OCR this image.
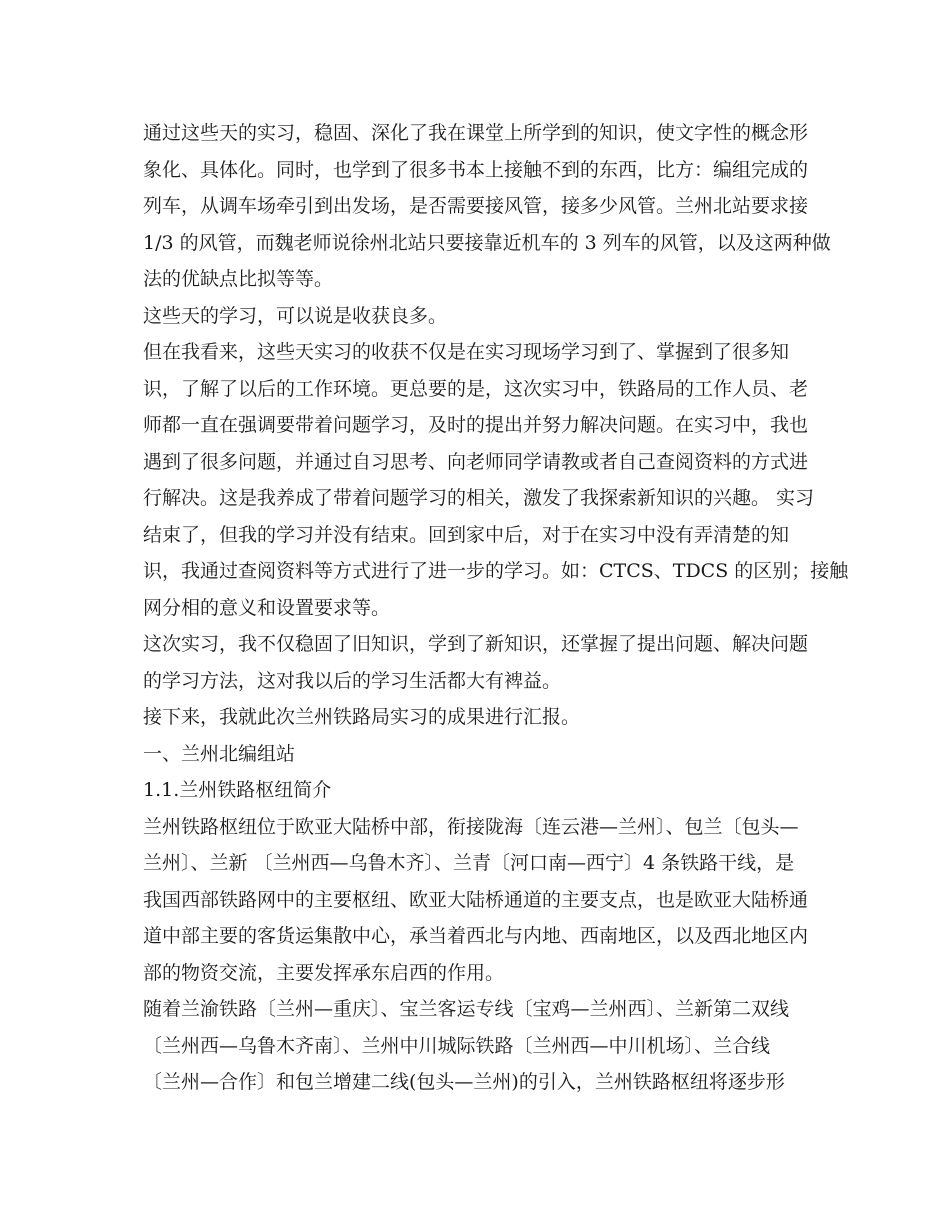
通过这些天的实习，稳固、深化了我在课堂上所学到的知识，使文字性的概念形
象化、具体化。同时，也学到了很多书本上接触不到的东西，比方：编组完成的
列车，从调车场牵引到出发场，是否需要接风管，接多少风管。兰州北站要求接
1/3 的风管，而魏老师说徐州北站只要接靠近机车的 3 列车的风管，以及这两种做
法的优缺点比拟等等。
这些天的学习，可以说是收获良多。
但在我看来，这些天实习的收获不仅是在实习现场学习到了、掌握到了很多知
识，了解了以后的工作环境。更总要的是，这次实习中，铁路局的工作人员、老
师都一直在强调要带着问题学习，及时的提出并努力解决问题。在实习中，我也
遇到了很多问题，并通过自习思考、向老师同学请教或者自己查阅资料的方式进
行解决。这是我养成了带着问题学习的相关，激发了我探索新知识的兴趣。 实习
结束了，但我的学习并没有结束。回到家中后，对于在实习中没有弄清楚的知
识，我通过查阅资料等方式进行了进一步的学习。如：CTCS、TDCS 的区别；接触
网分相的意义和设置要求等。
这次实习，我不仅稳固了旧知识，学到了新知识，还掌握了提出问题、解决问题
的学习方法，这对我以后的学习生活都大有裨益。
接下来，我就此次兰州铁路局实习的成果进行汇报。
一、兰州北编组站
1.1.兰州铁路枢纽简介
兰州铁路枢纽位于欧亚大陆桥中部，衔接陇海〔连云港—兰州〕、包兰〔包头—
兰州〕、兰新 〔兰州西—乌鲁木齐〕、兰青〔河口南—西宁〕4 条铁路干线，是
我国西部铁路网中的主要枢纽、欧亚大陆桥通道的主要支点，也是欧亚大陆桥通
道中部主要的客货运集散中心，承当着西北与内地、西南地区，以及西北地区内
部的物资交流，主要发挥承东启西的作用。
随着兰渝铁路〔兰州—重庆〕、宝兰客运专线〔宝鸡—兰州西〕、兰新第二双线
〔兰州西—乌鲁木齐南〕、兰州中川城际铁路〔兰州西—中川机场〕、兰合线
〔兰州—合作〕和包兰增建二线(包头—兰州)的引入，兰州铁路枢纽将逐步形
